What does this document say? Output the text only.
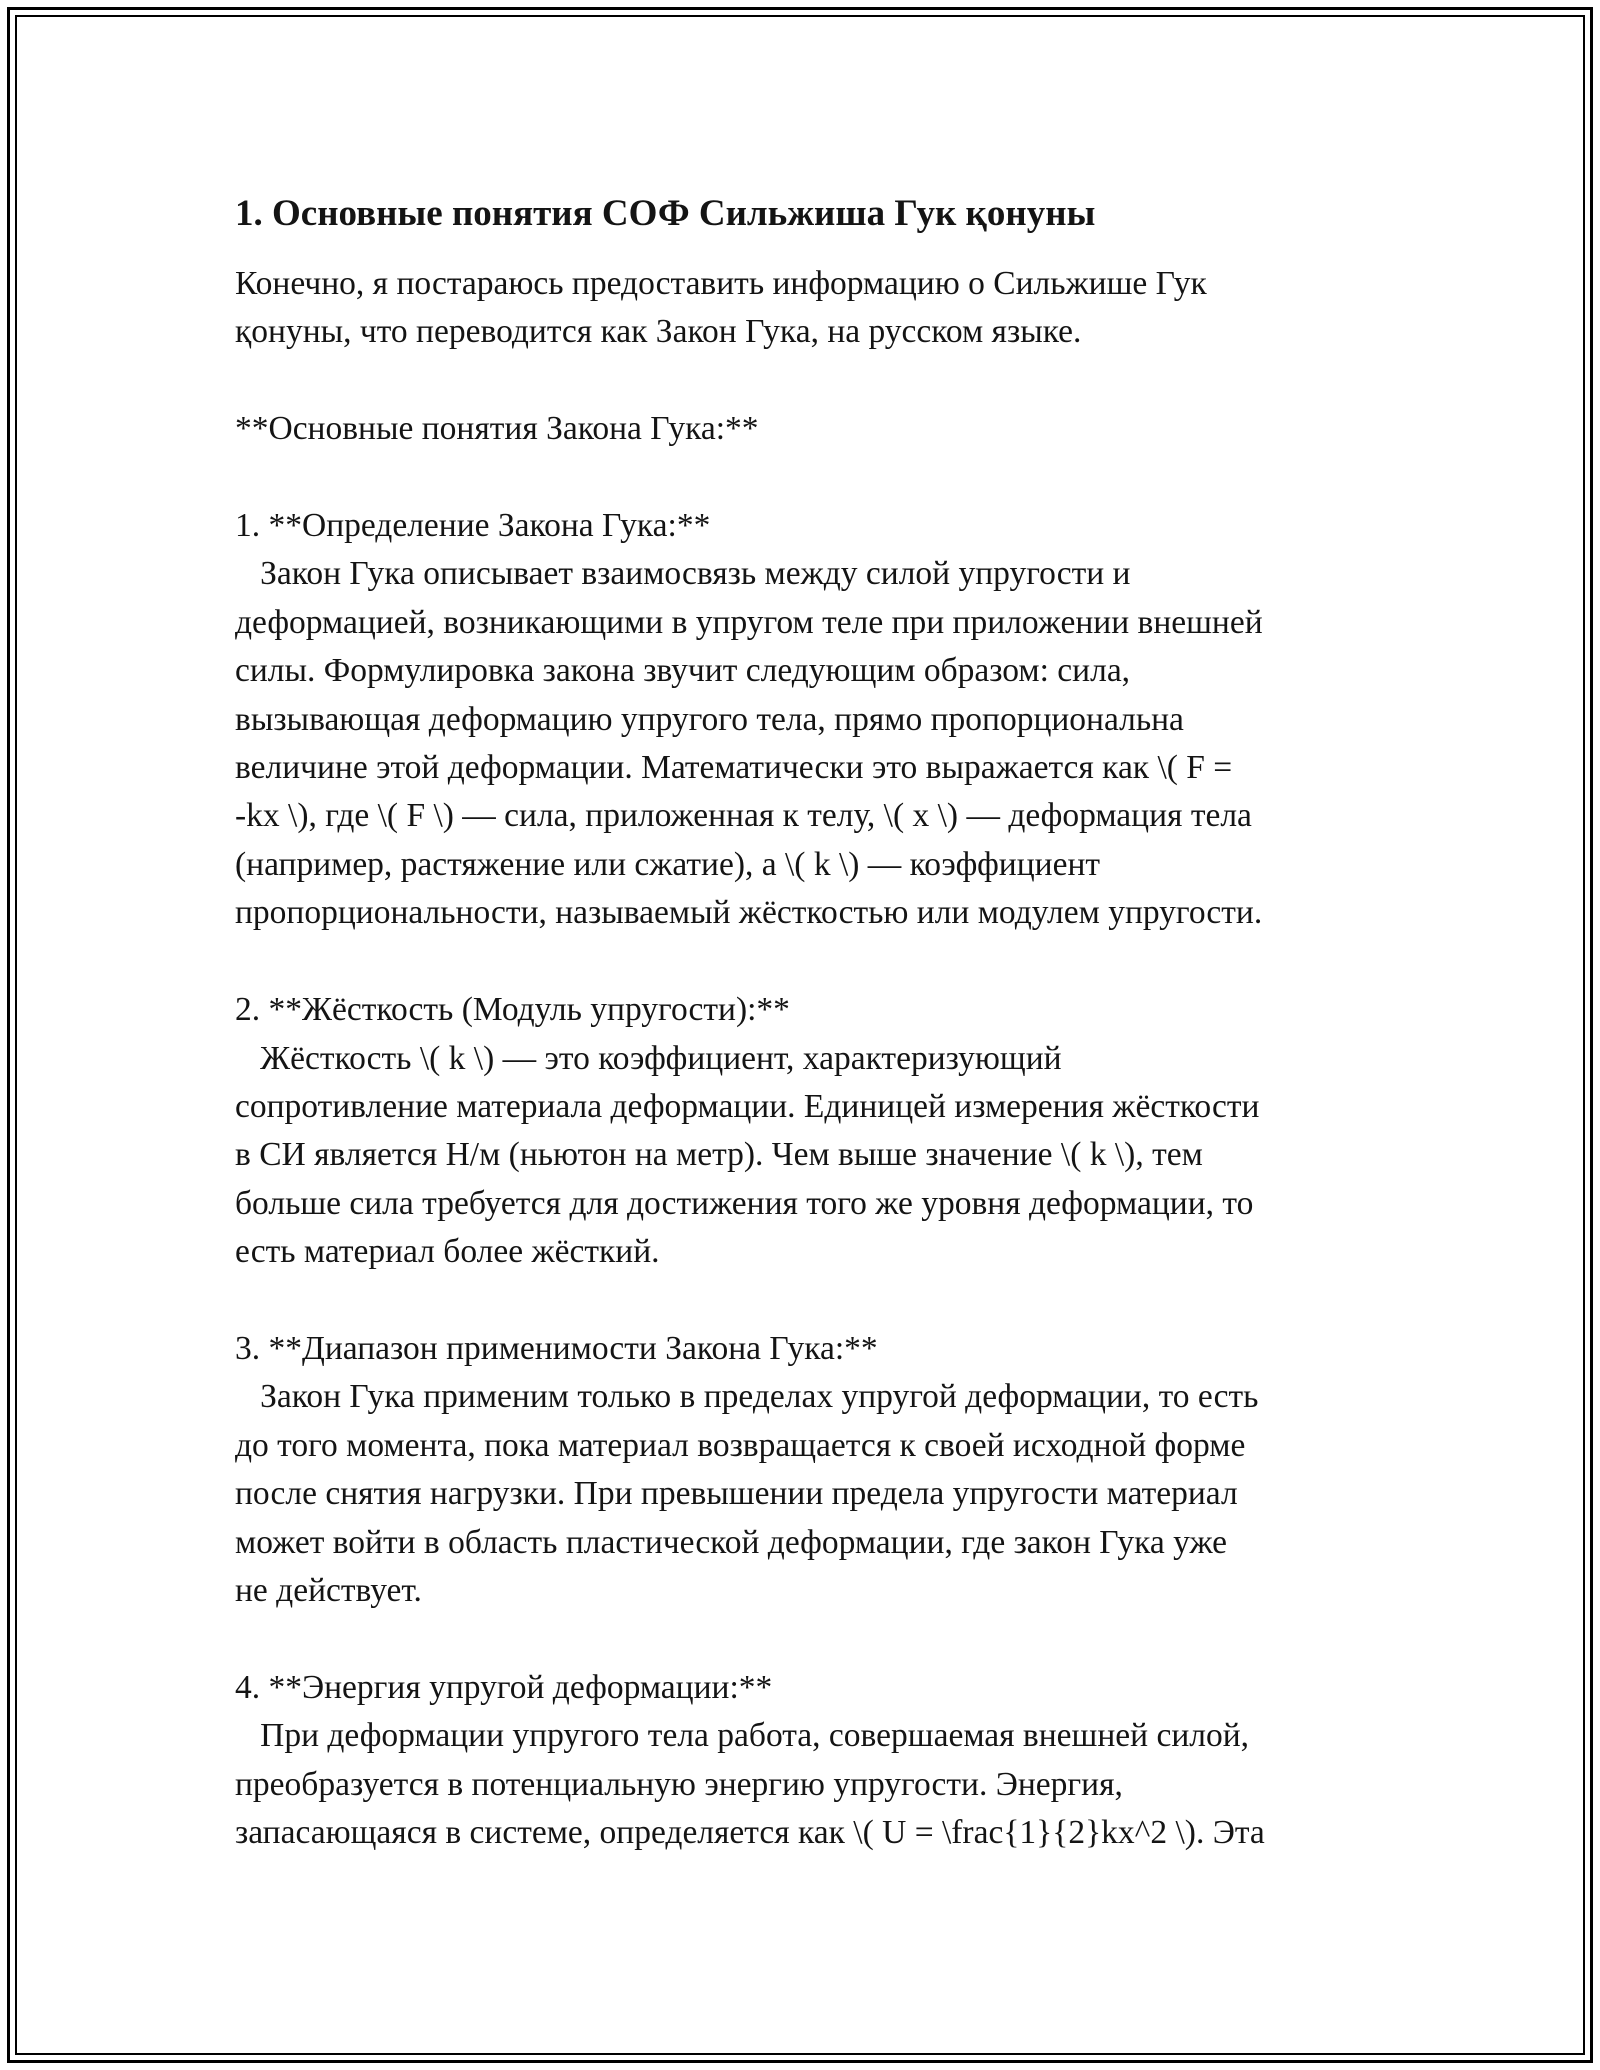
1. Основные понятия СОФ Сильжиша Гук қонуны

Конечно, я постараюсь предоставить информацию о Сильжише Гук

қонуны, что переводится как Закон Гука, на русском языке.

**Основные понятия Закона Гука:**

1. **Определение Закона Гука:**

Закон Гука описывает взаимосвязь между силой упругости и

деформацией, возникающими в упругом теле при приложении внешней

силы. Формулировка закона звучит следующим образом: сила,

вызывающая деформацию упругого тела, прямо пропорциональна

величине этой деформации. Математически это выражается как \( F =

-kx \), где \( F \) — сила, приложенная к телу, \( x \) — деформация тела

(например, растяжение или сжатие), а \( k \) — коэффициент

пропорциональности, называемый жёсткостью или модулем упругости.

2. **Жёсткость (Модуль упругости):**

Жёсткость \( k \) — это коэффициент, характеризующий

сопротивление материала деформации. Единицей измерения жёсткости

в СИ является Н/м (ньютон на метр). Чем выше значение \( k \), тем

больше сила требуется для достижения того же уровня деформации, то

есть материал более жёсткий.

3. **Диапазон применимости Закона Гука:**

Закон Гука применим только в пределах упругой деформации, то есть

до того момента, пока материал возвращается к своей исходной форме

после снятия нагрузки. При превышении предела упругости материал

может войти в область пластической деформации, где закон Гука уже

не действует.

4. **Энергия упругой деформации:**

При деформации упругого тела работа, совершаемая внешней силой,

преобразуется в потенциальную энергию упругости. Энергия,

запасающаяся в системе, определяется как \( U = \frac{1}{2}kx^2 \). Эта
